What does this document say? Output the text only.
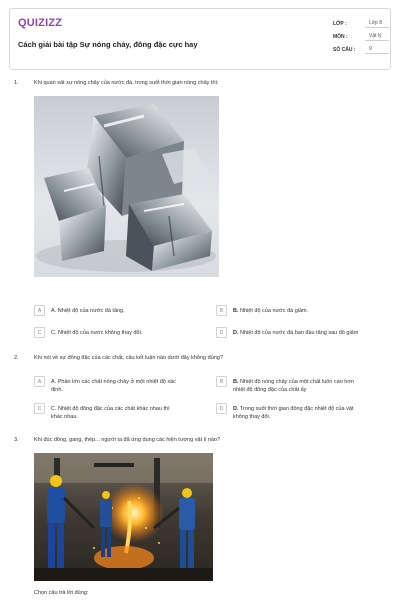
QUIZIZZ
Cách giải bài tập Sự nóng chảy, đông đặc cực hay
LỚP :	Lớp 8
MÔN :	Vật lý
SỐ CÂU :	9
1.	Khi quan sát sự nóng chảy của nước đá, trong suốt thời gian nóng chảy thì:
A	A. Nhiệt độ của nước đá tăng.	B	B. Nhiệt độ của nước đá giảm.
C	C. Nhiệt độ của nước không thay đổi.	D	D. Nhiệt độ của nước đá ban đầu tăng sau đó giảm
2.	Khi nói về sự đông đặc của các chất, câu kết luận nào dưới đây không đúng?
A	A. Phần lớn các chất nóng chảy ở một nhiệt độ xác
định.
B	B. Nhiệt độ nóng chảy của một chất luôn cao hơn
nhiệt độ đông đặc của chất ấy
C	C. Nhiệt độ đông đặc của các chất khác nhau thì
khác nhau.
D	D. Trong suốt thời gian đông đặc nhiệt độ của vật
không thay đổi.
3.	Khi đúc đồng, gang, thép... người ta đã ứng dụng các hiện tượng vật lí nào?
Chọn câu trả lời đúng:
